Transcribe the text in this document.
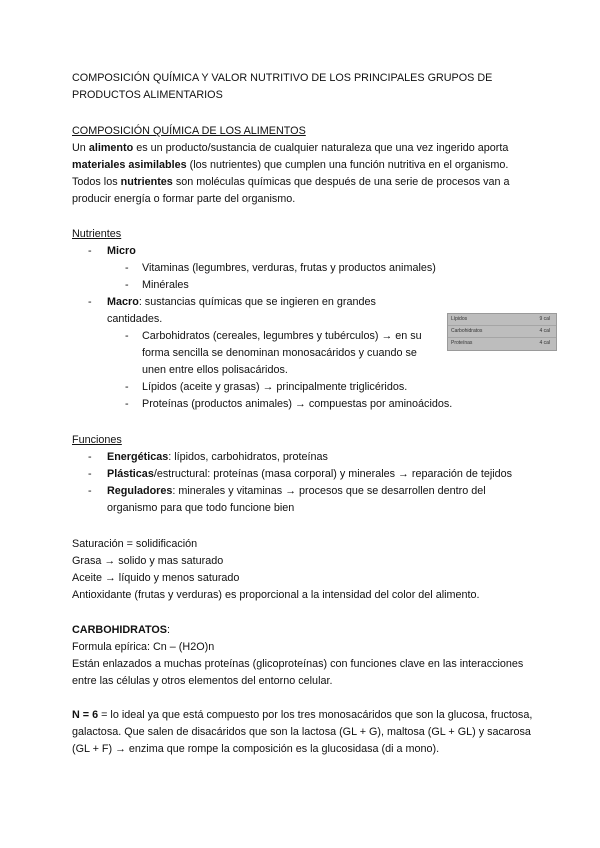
COMPOSICIÓN QUÍMICA Y VALOR NUTRITIVO DE LOS PRINCIPALES GRUPOS DE PRODUCTOS ALIMENTARIOS

COMPOSICIÓN QUÍMICA DE LOS ALIMENTOS

Un alimento es un producto/sustancia de cualquier naturaleza que una vez ingerido aporta materiales asimilables (los nutrientes) que cumplen una función nutritiva en el organismo.

Todos los nutrientes son moléculas químicas que después de una serie de procesos van a producir energía o formar parte del organismo.

Nutrientes

- Micro
- Vitaminas (legumbres, verduras, frutas y productos animales)
- Minérales
- Macro: sustancias químicas que se ingieren en grandes cantidades.
- Carbohidratos (cereales, legumbres y tubérculos) → en su forma sencilla se denominan monosacáridos y cuando se unen entre ellos polisacáridos.
- Lípidos (aceite y grasas) → principalmente triglicéridos.
- Proteínas (productos animales) → compuestas por aminoácidos.
Lípidos	9 cal
Carbohidratos	4 cal
Proteínas	4 cal

Funciones

- Energéticas: lípidos, carbohidratos, proteínas
- Plásticas/estructural: proteínas (masa corporal) y minerales → reparación de tejidos
- Reguladores: minerales y vitaminas → procesos que se desarrollen dentro del organismo para que todo funcione bien

Saturación = solidificación

Grasa → solido y mas saturado

Aceite → líquido y menos saturado

Antioxidante (frutas y verduras) es proporcional a la intensidad del color del alimento.

CARBOHIDRATOS:

Formula epírica: Cn – (H2O)n

Están enlazados a muchas proteínas (glicoproteínas) con funciones clave en las interacciones entre las células y otros elementos del entorno celular.

N = 6 = lo ideal ya que está compuesto por los tres monosacáridos que son la glucosa, fructosa, galactosa. Que salen de disacáridos que son la lactosa (GL + G), maltosa (GL + GL) y sacarosa (GL + F) → enzima que rompe la composición es la glucosidasa (di a mono).
